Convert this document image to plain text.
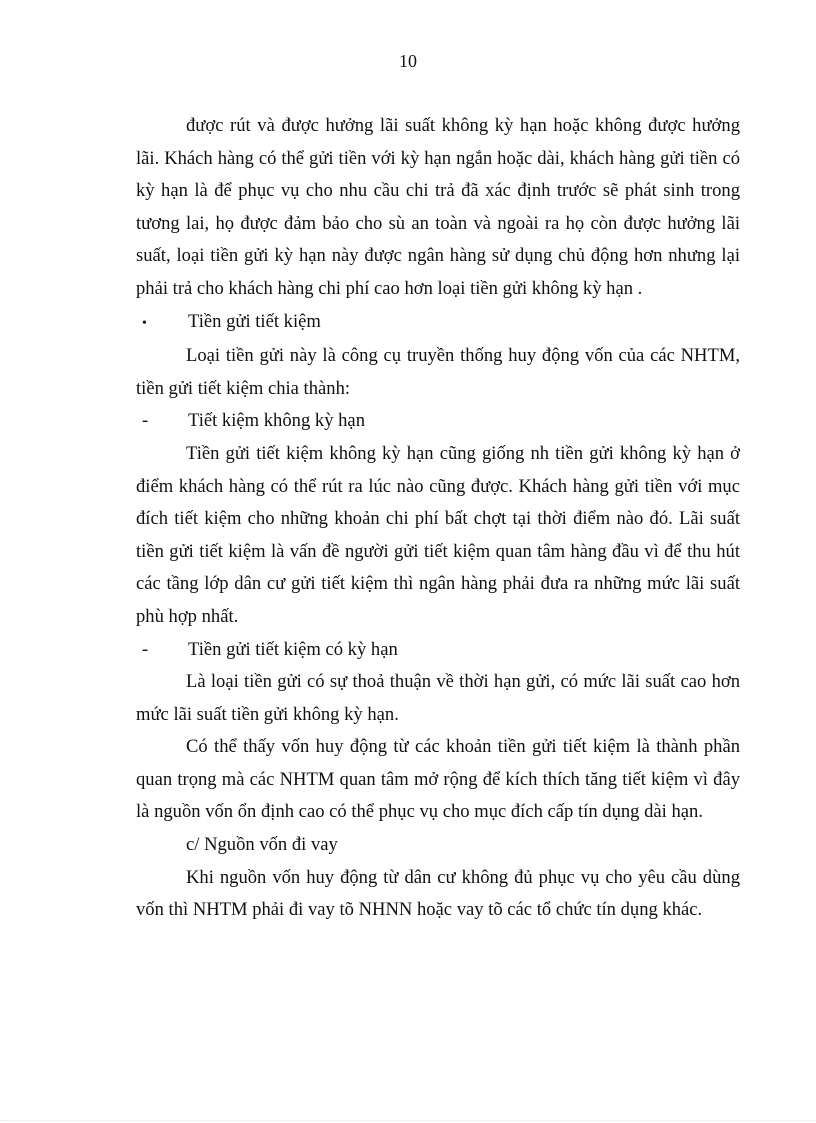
10

được rút và được hưởng lãi suất không kỳ hạn hoặc không được hưởng lãi. Khách hàng có thể gửi tiền với kỳ hạn ngắn hoặc dài, khách hàng gửi tiền có kỳ hạn là để phục vụ cho nhu cầu chi trả đã xác định trước sẽ phát sinh trong tương lai, họ được đảm bảo cho sù an toàn và ngoài ra họ còn được hưởng lãi suất, loại tiền gửi kỳ hạn này được ngân hàng sử dụng chủ động hơn nhưng lại phải trả cho khách hàng chi phí cao hơn loại tiền gửi không kỳ hạn .

•	Tiền gửi tiết kiệm

Loại tiền gửi này là công cụ truyền thống huy động vốn của các NHTM, tiền gửi tiết kiệm chia thành:

-	Tiết kiệm không kỳ hạn

Tiền gửi tiết kiệm không kỳ hạn cũng giống nh tiền gửi không kỳ hạn ở điểm khách hàng có thể rút ra lúc nào cũng được. Khách hàng gửi tiền với mục đích tiết kiệm cho những khoản chi phí bất chợt tại thời điểm nào đó. Lãi suất tiền gửi tiết kiệm là vấn đề người gửi tiết kiệm quan tâm hàng đầu vì để thu hút các tầng lớp dân cư gửi tiết kiệm thì ngân hàng phải đưa ra những mức lãi suất phù hợp nhất.

-	Tiền gửi tiết kiệm có kỳ hạn

Là loại tiền gửi có sự thoả thuận về thời hạn gửi, có mức lãi suất cao hơn mức lãi suất tiền gửi không kỳ hạn.

Có thể thấy vốn huy động từ các khoản tiền gửi tiết kiệm là thành phần quan trọng mà các NHTM quan tâm mở rộng để kích thích tăng tiết kiệm vì đây là nguồn vốn ổn định cao có thể phục vụ cho mục đích cấp tín dụng dài hạn.

c/ Nguồn vốn đi vay

Khi nguồn vốn huy động từ dân cư không đủ phục vụ cho yêu cầu dùng vốn thì NHTM phải đi vay tõ NHNN hoặc vay tõ các tổ chức tín dụng khác.
